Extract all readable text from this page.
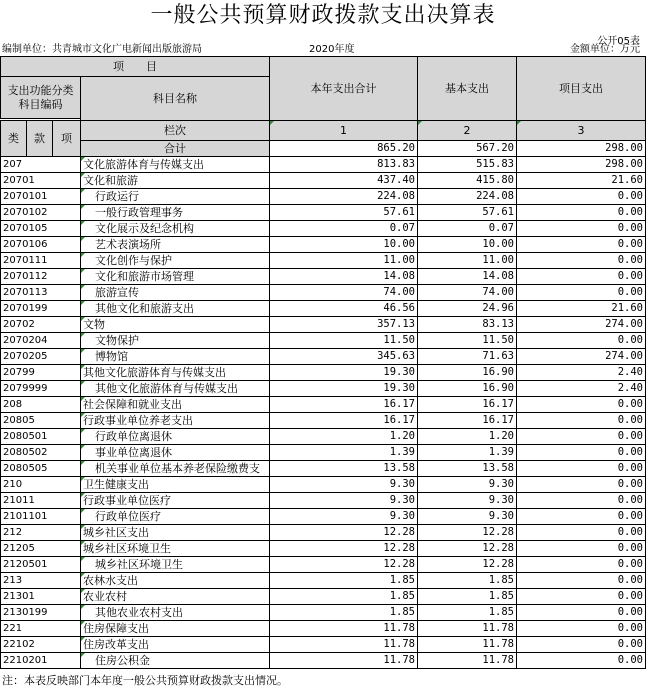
一般公共预算财政拨款支出决算表
公开05表
编制单位：共青城市文化广电新闻出版旅游局	2020年度	金额单位：万元
项　　目				本年支出合计	基本支出	项目支出
支出功能分类科目编码			科目名称			

类	款	项	栏次	1	2	3
			合计	865.20	567.20	298.00
207			文化旅游体育与传媒支出	813.83	515.83	298.00
20701			文化和旅游	437.40	415.80	21.60
2070101			行政运行	224.08	224.08	0.00
2070102			一般行政管理事务	57.61	57.61	0.00
2070105			文化展示及纪念机构	0.07	0.07	0.00
2070106			艺术表演场所	10.00	10.00	0.00
2070111			文化创作与保护	11.00	11.00	0.00
2070112			文化和旅游市场管理	14.08	14.08	0.00
2070113			旅游宣传	74.00	74.00	0.00
2070199			其他文化和旅游支出	46.56	24.96	21.60
20702			文物	357.13	83.13	274.00
2070204			文物保护	11.50	11.50	0.00
2070205			博物馆	345.63	71.63	274.00
20799			其他文化旅游体育与传媒支出	19.30	16.90	2.40
2079999			其他文化旅游体育与传媒支出	19.30	16.90	2.40
208			社会保障和就业支出	16.17	16.17	0.00
20805			行政事业单位养老支出	16.17	16.17	0.00
2080501			行政单位离退休	1.20	1.20	0.00
2080502			事业单位离退休	1.39	1.39	0.00
2080505			机关事业单位基本养老保险缴费支	13.58	13.58	0.00
210			卫生健康支出	9.30	9.30	0.00
21011			行政事业单位医疗	9.30	9.30	0.00
2101101			行政单位医疗	9.30	9.30	0.00
212			城乡社区支出	12.28	12.28	0.00
21205			城乡社区环境卫生	12.28	12.28	0.00
2120501			城乡社区环境卫生	12.28	12.28	0.00
213			农林水支出	1.85	1.85	0.00
21301			农业农村	1.85	1.85	0.00
2130199			其他农业农村支出	1.85	1.85	0.00
221			住房保障支出	11.78	11.78	0.00
22102			住房改革支出	11.78	11.78	0.00
2210201			住房公积金	11.78	11.78	0.00
注：本表反映部门本年度一般公共预算财政拨款支出情况。
